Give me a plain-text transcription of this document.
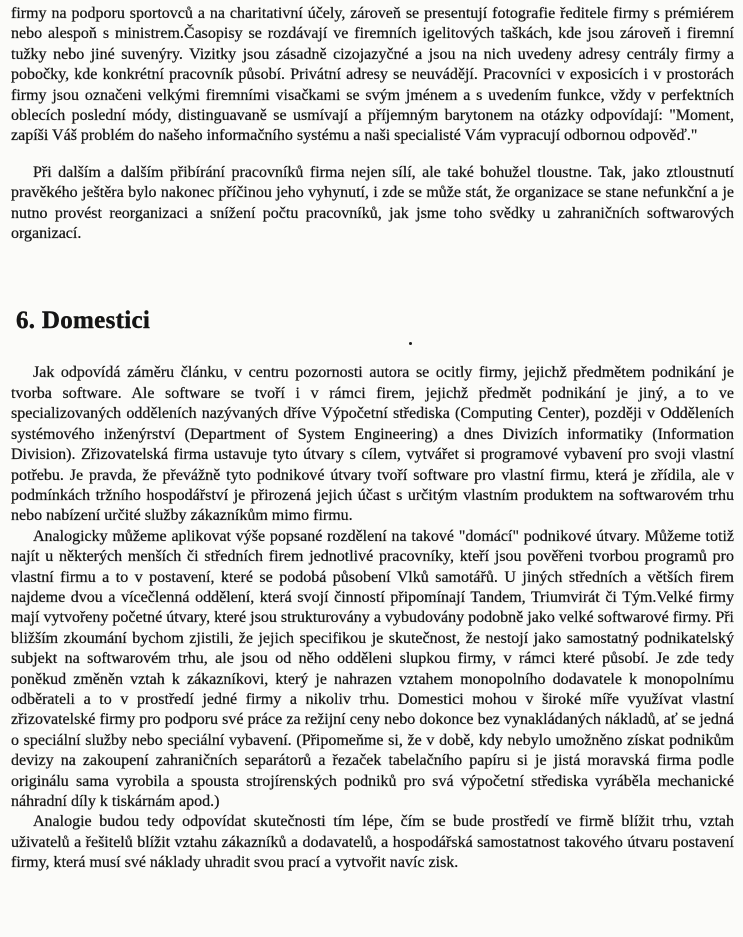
firmy na podporu sportovců a na charitativní účely, zároveň se presentují fotografie ředitele firmy s prémiérem nebo alespoň s ministrem.Časopisy se rozdávají ve firemních igelitových taškách, kde jsou zároveň i firemní tužky nebo jiné suvenýry. Vizitky jsou zásadně cizojazyčné a jsou na nich uvedeny adresy centrály firmy a pobočky, kde konkrétní pracovník působí. Privátní adresy se neuvádějí. Pracovníci v exposicích i v prostorách firmy jsou označeni velkými firemními visačkami se svým jménem a s uvedením funkce, vždy v perfektních oblecích poslední módy, distinguavaně se usmívají a příjemným barytonem na otázky odpovídají: "Moment, zapíši Váš problém do našeho informačního systému a naši specialisté Vám vypracují odbornou odpověď."

Při dalším a dalším přibírání pracovníků firma nejen sílí, ale také bohužel tloustne. Tak, jako ztloustnutí pravěkého ještěra bylo nakonec příčinou jeho vyhynutí, i zde se může stát, že organizace se stane nefunkční a je nutno provést reorganizaci a snížení počtu pracovníků, jak jsme toho svědky u zahraničních softwarových organizací.

6. Domestici

Jak odpovídá záměru článku, v centru pozornosti autora se ocitly firmy, jejichž předmětem podnikání je tvorba software. Ale software se tvoří i v rámci firem, jejichž předmět podnikání je jiný, a to ve specializovaných odděleních nazývaných dříve Výpočetní střediska (Computing Center), později v Odděleních systémového inženýrství (Department of System Engineering) a dnes Divizích informatiky (Information Division). Zřizovatelská firma ustavuje tyto útvary s cílem, vytvářet si programové vybavení pro svoji vlastní potřebu. Je pravda, že převážně tyto podnikové útvary tvoří software pro vlastní firmu, která je zřídila, ale v podmínkách tržního hospodářství je přirozená jejich účast s určitým vlastním produktem na softwarovém trhu nebo nabízení určité služby zákazníkům mimo firmu.

Analogicky můžeme aplikovat výše popsané rozdělení na takové "domácí" podnikové útvary. Můžeme totiž najít u některých menších či středních firem jednotlivé pracovníky, kteří jsou pověřeni tvorbou programů pro vlastní firmu a to v postavení, které se podobá působení Vlků samotářů. U jiných středních a větších firem najdeme dvou a vícečlenná oddělení, která svojí činností připomínají Tandem, Triumvirát či Tým.Velké firmy mají vytvořeny početné útvary, které jsou strukturovány a vybudovány podobně jako velké softwarové firmy. Při bližším zkoumání bychom zjistili, že jejich specifikou je skutečnost, že nestojí jako samostatný podnikatelský subjekt na softwarovém trhu, ale jsou od něho odděleni slupkou firmy, v rámci které působí. Je zde tedy poněkud změněn vztah k zákazníkovi, který je nahrazen vztahem monopolního dodavatele k monopolnímu odběrateli a to v prostředí jedné firmy a nikoliv trhu. Domestici mohou v široké míře využívat vlastní zřizovatelské firmy pro podporu své práce za režijní ceny nebo dokonce bez vynakládaných nákladů, ať se jedná o speciální služby nebo speciální vybavení. (Připomeňme si, že v době, kdy nebylo umožněno získat podnikům devizy na zakoupení zahraničních separátorů a řezaček tabelačního papíru si je jistá moravská firma podle originálu sama vyrobila a spousta strojírenských podniků pro svá výpočetní střediska vyráběla mechanické náhradní díly k tiskárnám apod.)

Analogie budou tedy odpovídat skutečnosti tím lépe, čím se bude prostředí ve firmě blížit trhu, vztah uživatelů a řešitelů blížit vztahu zákazníků a dodavatelů, a hospodářská samostatnost takového útvaru postavení firmy, která musí své náklady uhradit svou prací a vytvořit navíc zisk.
